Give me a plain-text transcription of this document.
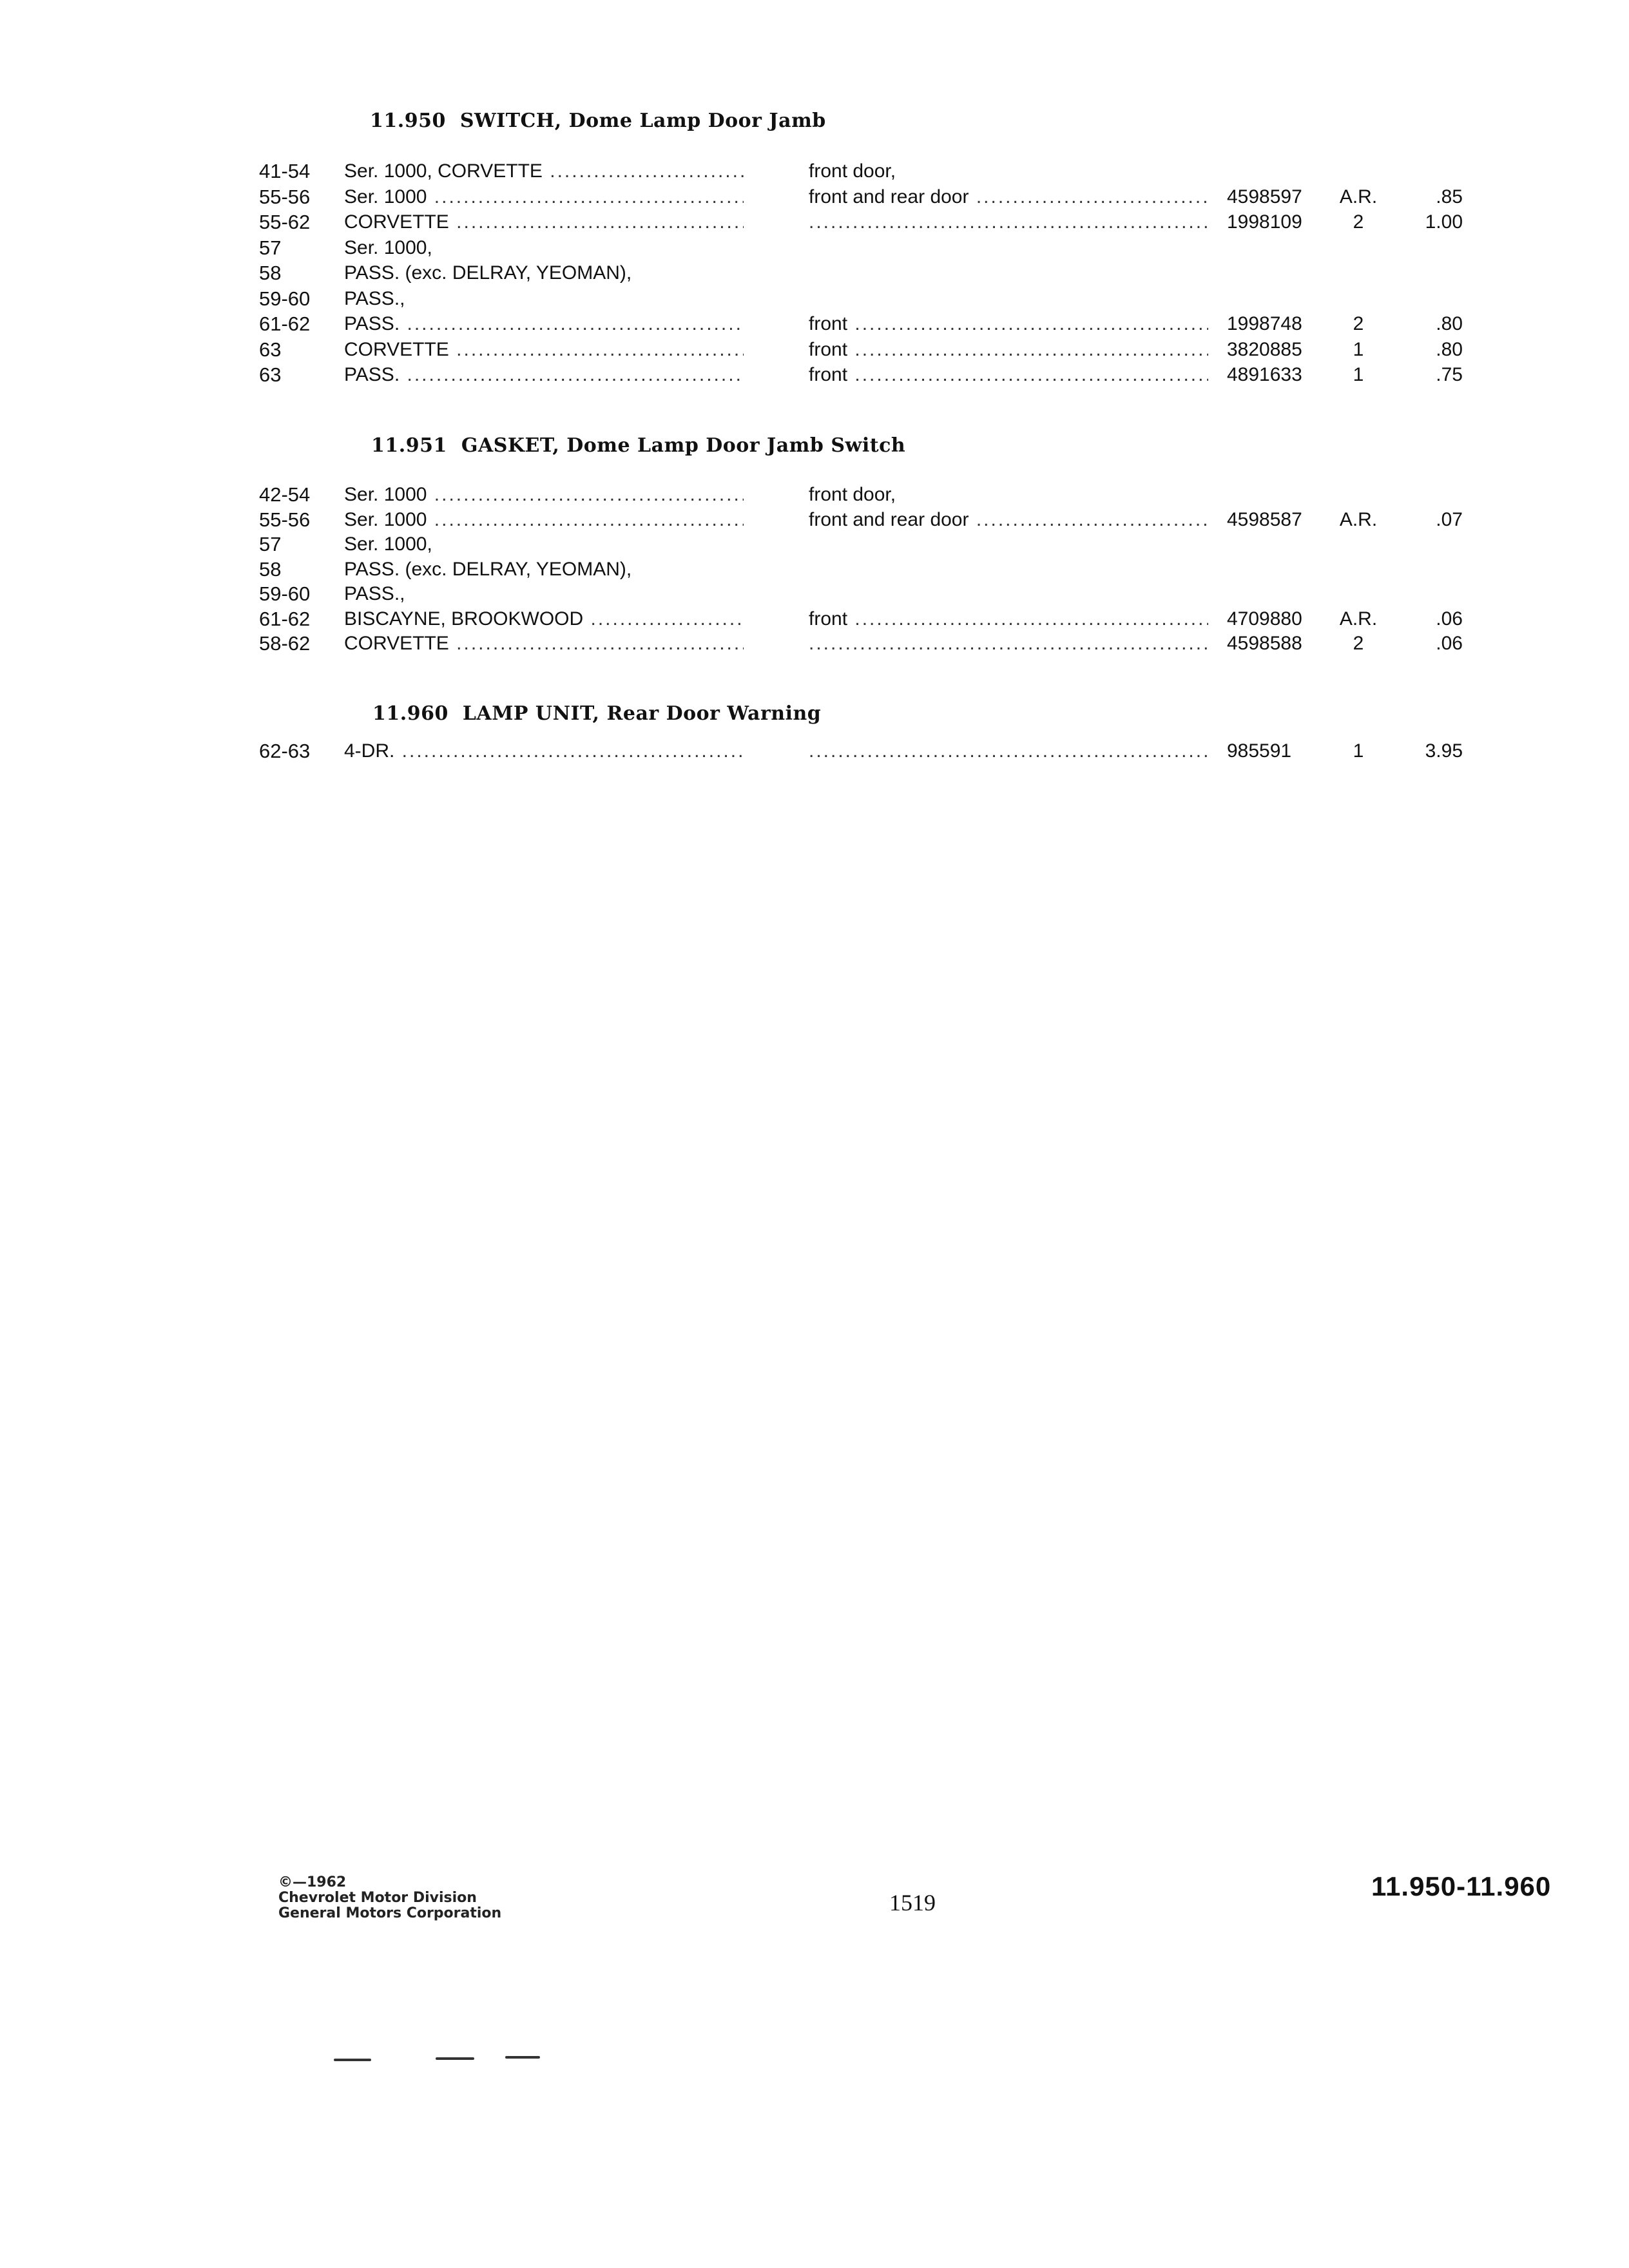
11.950 SWITCH, Dome Lamp Door Jamb
41-54 Ser. 1000, CORVETTE .....	front door,
55-56 Ser. 1000 .....	front and rear door .....	4598597	A.R.	.85
55-62 CORVETTE ..... .....	1998109	2	1.00
57	Ser. 1000,
58	PASS. (exc. DELRAY, YEOMAN),
59-60 PASS.,
61-62 PASS. .....	front .....	1998748	2	.80
63	CORVETTE .....	front .....	3820885	1	.80
63	PASS. .....	front .....	4891633	1	.75
11.951 GASKET, Dome Lamp Door Jamb Switch
42-54 Ser. 1000 .....	front door,
55-56 Ser. 1000 .....	front and rear door .....	4598587	A.R.	.07
57	Ser. 1000,
58	PASS. (exc. DELRAY, YEOMAN),
59-60 PASS.,
61-62 BISCAYNE, BROOKWOOD .....	front .....	4709880	A.R.	.06
58-62 CORVETTE ..... .....	4598588	2	.06
11.960 LAMP UNIT, Rear Door Warning
62-63 4-DR. ..... .....	985591	1	3.95
©—1962
Chevrolet Motor Division
General Motors Corporation	1519
11.950-11.960
